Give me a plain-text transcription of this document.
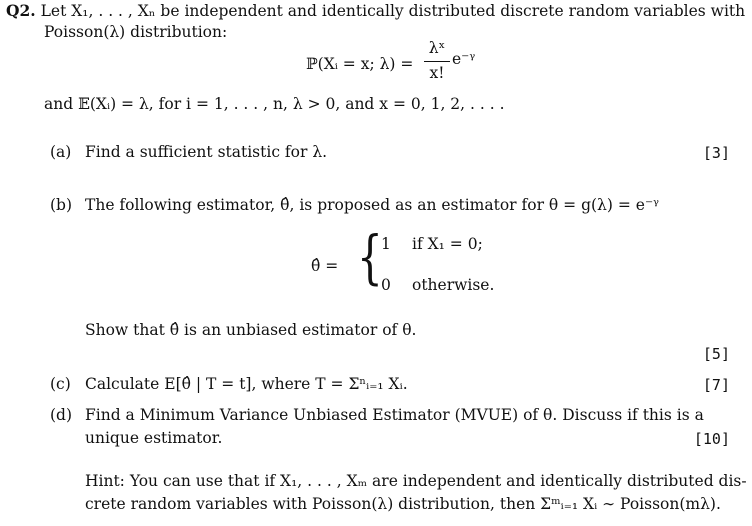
Q2. Let X₁, . . . , Xₙ be independent and identically distributed discrete random variables with
Poisson(λ) distribution:
ℙ(Xᵢ = x; λ) =
λˣ
x!
e⁻ᵞ
and 𝔼(Xᵢ) = λ, for i = 1, . . . , n, λ > 0, and x = 0, 1, 2, . . . .
(a) Find a sufficient statistic for λ.	[3]
(b) The following estimator, θ̂, is proposed as an estimator for θ = g(λ) = e⁻ᵞ
θ̂ = {
1 if X₁ = 0;
0 otherwise.
Show that θ̂ is an unbiased estimator of θ.
[5]
(c) Calculate E[θ̂ | T = t], where T = Σⁿᵢ₌₁ Xᵢ.	[7]
(d) Find a Minimum Variance Unbiased Estimator (MVUE) of θ. Discuss if this is a
unique estimator.	[10]
Hint: You can use that if X₁, . . . , Xₘ are independent and identically distributed dis-
crete random variables with Poisson(λ) distribution, then Σᵐᵢ₌₁ Xᵢ ∼ Poisson(mλ).
